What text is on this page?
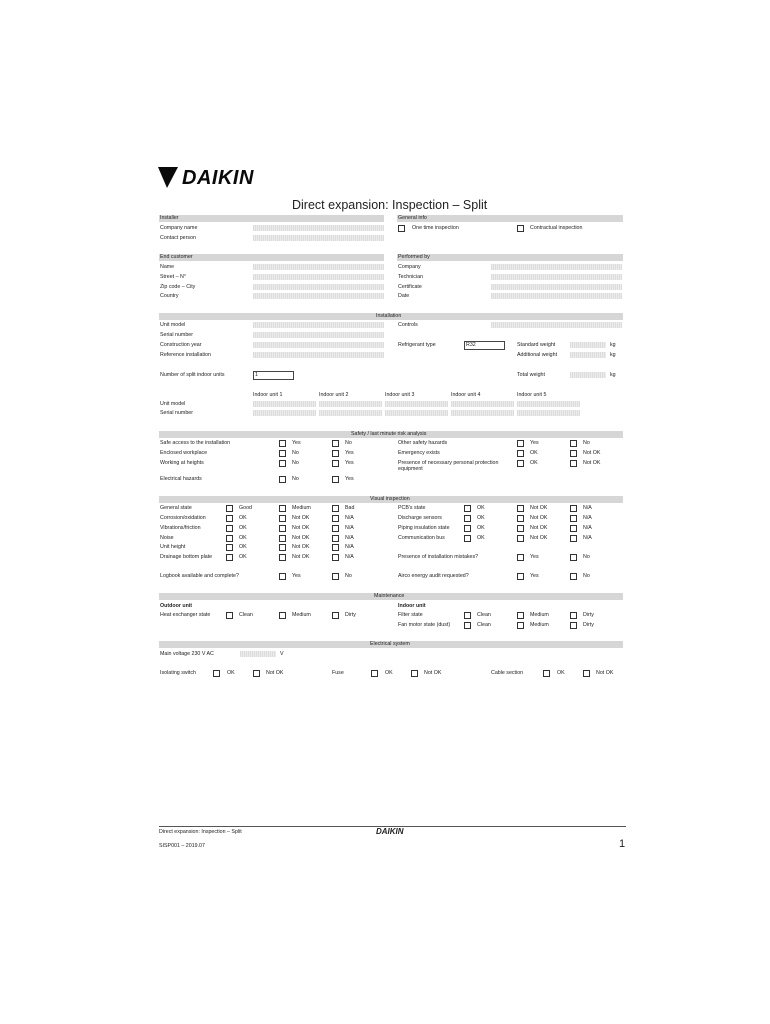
DAIKIN
Direct expansion: Inspection – Split
Installer	General info
Company name
Contact person
One time inspection	Contractual inspection
End customer	Performed by
Name
Street – N°
Zip code – City
Country
Company
Technician
Certificate
Date
Installation
Unit model
Serial number
Construction year
Reference installation
Controls
Refrigerant type	R32	Standard weight	kg
Additional weight	kg
Number of split indoor units	1	Total weight	kg
Indoor unit 1	Indoor unit 2	Indoor unit 3	Indoor unit 4	Indoor unit 5
Unit model
Serial number
Safety / last minute risk analysis
Visual inspection
Maintenance
Outdoor unit	Indoor unit
Electrical system
Main voltage 230 V AC	V
Isolating switch	OK	Not OK	Fuse	OK	Not OK	Cable section	OK	Not OK
Direct expansion: Inspection – Split	DAIKIN
SISP001 – 2019.07	1
Safe access to the installation	Yes	No
Enclosed workplace	No	Yes
Working at heights	No	Yes
Electrical hazards	No	Yes
Other safety hazards	Yes	No
Emergency exists	OK	Not OK
Presence of necessary personal protection
equipment
OK	Not OK
General state	Good	Medium	Bad
Corrosion/oxidation	OK	Not OK	N/A
Vibrations/friction	OK	Not OK	N/A
Noise	OK	Not OK	N/A
Unit height	OK	Not OK	N/A
Drainage bottom plate	OK	Not OK	N/A
PCB's state	OK	Not OK	N/A
Discharge sensors	OK	Not OK	N/A
Piping insulation state	OK	Not OK	N/A
Communication bus	OK	Not OK	N/A
Presence of installation mistakes?	Yes	No
Logbook available and complete?	Yes	No	Airco energy audit requested?	Yes	No
Heat exchanger state	Clean	Medium	Dirty	Filter state	Clean	Medium	Dirty
Fan motor state (dust)	Clean	Medium	Dirty
